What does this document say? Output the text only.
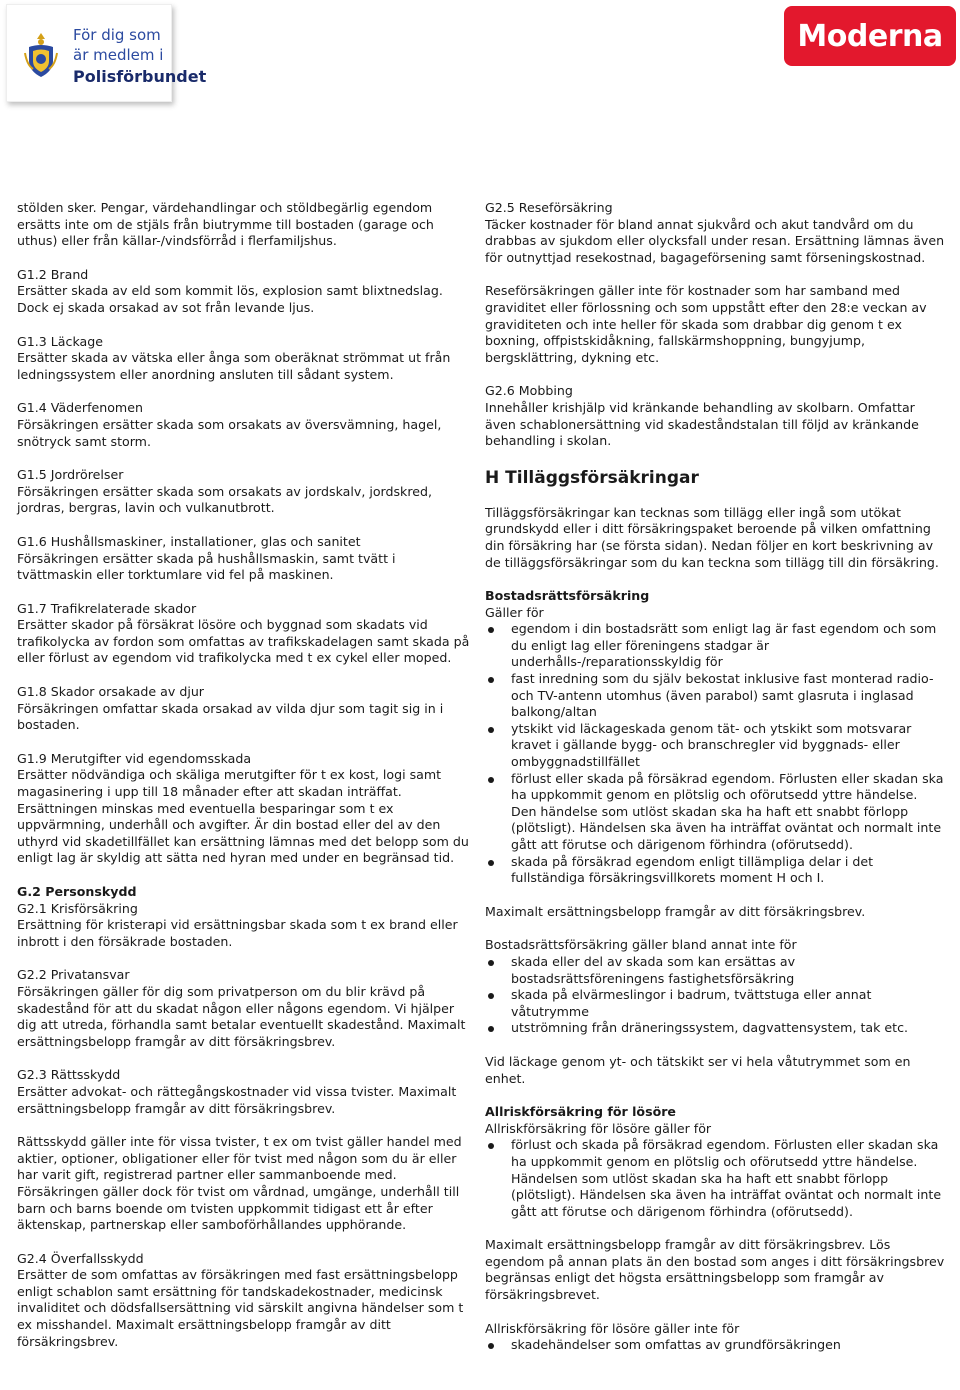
För dig som
är medlem i
Polisförbundet
Moderna

stölden sker. Pengar, värdehandlingar och stöldbegärlig egendom ersätts inte om de stjäls från biutrymme till bostaden (garage och uthus) eller från källar-/vindsförråd i flerfamiljshus.

G1.2 Brand

Ersätter skada av eld som kommit lös, explosion samt blixtnedslag. Dock ej skada orsakad av sot från levande ljus.

G1.3 Läckage

Ersätter skada av vätska eller ånga som oberäknat strömmat ut från ledningssystem eller anordning ansluten till sådant system.

G1.4 Väderfenomen

Försäkringen ersätter skada som orsakats av översvämning, hagel, snötryck samt storm.

G1.5 Jordrörelser

Försäkringen ersätter skada som orsakats av jordskalv, jordskred, jordras, bergras, lavin och vulkanutbrott.

G1.6 Hushållsmaskiner, installationer, glas och sanitet

Försäkringen ersätter skada på hushållsmaskin, samt tvätt i tvättmaskin eller torktumlare vid fel på maskinen.

G1.7 Trafikrelaterade skador

Ersätter skador på försäkrat lösöre och byggnad som skadats vid trafikolycka av fordon som omfattas av trafikskadelagen samt skada på eller förlust av egendom vid trafikolycka med t ex cykel eller moped.

G1.8 Skador orsakade av djur

Försäkringen omfattar skada orsakad av vilda djur som tagit sig in i bostaden.

G1.9 Merutgifter vid egendomsskada

Ersätter nödvändiga och skäliga merutgifter för t ex kost, logi samt magasinering i upp till 18 månader efter att skadan inträffat. Ersättningen minskas med eventuella besparingar som t ex uppvärmning, underhåll och avgifter. Är din bostad eller del av den uthyrd vid skadetillfället kan ersättning lämnas med det belopp som du enligt lag är skyldig att sätta ned hyran med under en begränsad tid.

G.2 Personskydd

G2.1 Krisförsäkring

Ersättning för kristerapi vid ersättningsbar skada som t ex brand eller inbrott i den försäkrade bostaden.

G2.2 Privatansvar

Försäkringen gäller för dig som privatperson om du blir krävd på skadestånd för att du skadat någon eller någons egendom. Vi hjälper dig att utreda, förhandla samt betalar eventuellt skadestånd. Maximalt ersättningsbelopp framgår av ditt försäkringsbrev.

G2.3 Rättsskydd

Ersätter advokat- och rättegångskostnader vid vissa tvister. Maximalt ersättningsbelopp framgår av ditt försäkringsbrev.

Rättsskydd gäller inte för vissa tvister, t ex om tvist gäller handel med aktier, optioner, obligationer eller för tvist med någon som du är eller har varit gift, registrerad partner eller sammanboende med. Försäkringen gäller dock för tvist om vårdnad, umgänge, underhåll till barn och barns boende om tvisten uppkommit tidigast ett år efter äktenskap, partnerskap eller samboförhållandes upphörande.

G2.4 Överfallsskydd

Ersätter de som omfattas av försäkringen med fast ersättningsbelopp enligt schablon samt ersättning för tandskadekostnader, medicinsk invaliditet och dödsfallsersättning vid särskilt angivna händelser som t ex misshandel. Maximalt ersättningsbelopp framgår av ditt försäkringsbrev.

G2.5 Reseförsäkring

Täcker kostnader för bland annat sjukvård och akut tandvård om du drabbas av sjukdom eller olycksfall under resan. Ersättning lämnas även för outnyttjad resekostnad, bagageförsening samt förseningskostnad.

Reseförsäkringen gäller inte för kostnader som har samband med graviditet eller förlossning och som uppstått efter den 28:e veckan av graviditeten och inte heller för skada som drabbar dig genom t ex boxning, offpistskidåkning, fallskärmshoppning, bungyjump, bergsklättring, dykning etc.

G2.6 Mobbing

Innehåller krishjälp vid kränkande behandling av skolbarn. Omfattar även schablonersättning vid skadeståndstalan till följd av kränkande behandling i skolan.

H Tilläggsförsäkringar

Tilläggsförsäkringar kan tecknas som tillägg eller ingå som utökat grundskydd eller i ditt försäkringspaket beroende på vilken omfattning din försäkring har (se första sidan). Nedan följer en kort beskrivning av de tilläggsförsäkringar som du kan teckna som tillägg till din försäkring.

Bostadsrättsförsäkring

Gäller för

egendom i din bostadsrätt som enligt lag är fast egendom och som du enligt lag eller föreningens stadgar är underhålls-/reparationsskyldig för
fast inredning som du själv bekostat inklusive fast monterad radio- och TV-antenn utomhus (även parabol) samt glasruta i inglasad balkong/altan
ytskikt vid läckageskada genom tät- och ytskikt som motsvarar kravet i gällande bygg- och branschregler vid byggnads- eller ombyggnadstillfället
förlust eller skada på försäkrad egendom. Förlusten eller skadan ska ha uppkommit genom en plötslig och oförutsedd yttre händelse. Den händelse som utlöst skadan ska ha haft ett snabbt förlopp (plötsligt). Händelsen ska även ha inträffat oväntat och normalt inte gått att förutse och därigenom förhindra (oförutsedd).
skada på försäkrad egendom enligt tillämpliga delar i det fullständiga försäkringsvillkorets moment H och I.

Maximalt ersättningsbelopp framgår av ditt försäkringsbrev.

Bostadsrättsförsäkring gäller bland annat inte för

skada eller del av skada som kan ersättas av bostadsrättsföreningens fastighetsförsäkring
skada på elvärmeslingor i badrum, tvättstuga eller annat våtutrymme
utströmning från dräneringssystem, dagvattensystem, tak etc.

Vid läckage genom yt- och tätskikt ser vi hela våtutrymmet som en enhet.

Allriskförsäkring för lösöre

Allriskförsäkring för lösöre gäller för

förlust och skada på försäkrad egendom. Förlusten eller skadan ska ha uppkommit genom en plötslig och oförutsedd yttre händelse. Händelsen som utlöst skadan ska ha haft ett snabbt förlopp (plötsligt). Händelsen ska även ha inträffat oväntat och normalt inte gått att förutse och därigenom förhindra (oförutsedd).

Maximalt ersättningsbelopp framgår av ditt försäkringsbrev. Lös egendom på annan plats än den bostad som anges i ditt försäkringsbrev begränsas enligt det högsta ersättningsbelopp som framgår av försäkringsbrevet.

Allriskförsäkring för lösöre gäller inte för

skadehändelser som omfattas av grundförsäkringen
